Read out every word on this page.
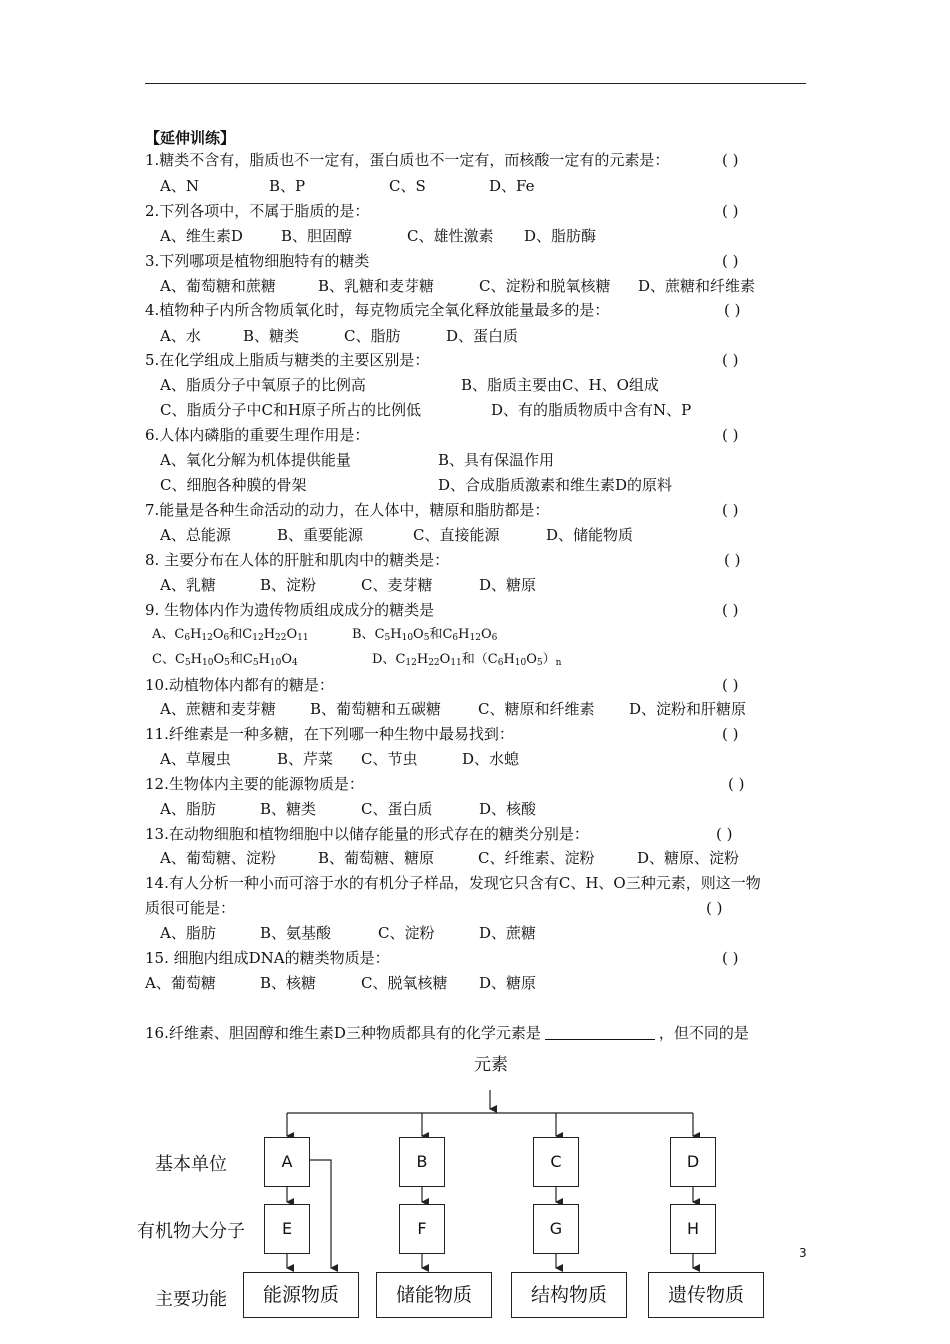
【延伸训练】
1.糖类不含有，脂质也不一定有，蛋白质也不一定有，而核酸一定有的元素是：	( )
A、N	B、P	C、S	D、Fe
2.下列各项中，不属于脂质的是：	( )
A、维生素D	B、胆固醇	C、雄性激素 D、脂肪酶
3.下列哪项是植物细胞特有的糖类	( )
A、葡萄糖和蔗糖	B、乳糖和麦芽糖	C、淀粉和脱氧核糖 D、蔗糖和纤维素
4.植物种子内所含物质氧化时，每克物质完全氧化释放能量最多的是：	( )
A、水	B、糖类	C、脂肪	D、蛋白质
5.在化学组成上脂质与糖类的主要区别是：	( )
A、脂质分子中氧原子的比例高	B、脂质主要由C、H、O组成
C、脂质分子中C和H原子所占的比例低	D、有的脂质物质中含有N、P
6.人体内磷脂的重要生理作用是：	( )
A、氧化分解为机体提供能量	B、具有保温作用
C、细胞各种膜的骨架	D、合成脂质激素和维生素D的原料
7.能量是各种生命活动的动力，在人体中，糖原和脂肪都是：	( )
A、总能源	B、重要能源	C、直接能源	D、储能物质
8. 主要分布在人体的肝脏和肌肉中的糖类是：	( )
A、乳糖	B、淀粉	C、麦芽糖	D、糖原
9. 生物体内作为遗传物质组成成分的糖类是	( )
A、$C_6H_{12}O_6$和$C_{12}H_{22}O_{11}$	B、$C_5H_{10}O_5$和$C_6H_{12}O_6$
C、$C_5H_{10}O_5$和$C_5H_{10}O_4$	D、$C_{12}H_{22}O_{11}$和$(C_6H_{10}O_5)_n$
10.动植物体内都有的糖是：	( )
A、蔗糖和麦芽糖 B、葡萄糖和五碳糖 C、糖原和纤维素 D、淀粉和肝糖原
11.纤维素是一种多糖，在下列哪一种生物中最易找到：	( )
A、草履虫	B、芹菜 C、节虫	D、水螅
12.生物体内主要的能源物质是：	( )
A、脂肪	B、糖类	C、蛋白质	D、核酸
13.在动物细胞和植物细胞中以储存能量的形式存在的糖类分别是：	( )
A、葡萄糖、淀粉	B、葡萄糖、糖原	C、纤维素、淀粉	D、糖原、淀粉
14.有人分析一种小而可溶于水的有机分子样品，发现它只含有C、H、O三种元素，则这一物
质很可能是：	( )
A、脂肪	B、氨基酸	C、淀粉	D、蔗糖
15. 细胞内组成DNA的糖类物质是：	( )
A、葡萄糖	B、核糖	C、脱氧核糖 D、糖原
16.纤维素、胆固醇和维生素D三种物质都具有的化学元素是	，但不同的是
元素
基本单位
有机物大分子
主要功能
A	B	C	D
E	F	G	H
能源物质	储能物质	结构物质	遗传物质
3
